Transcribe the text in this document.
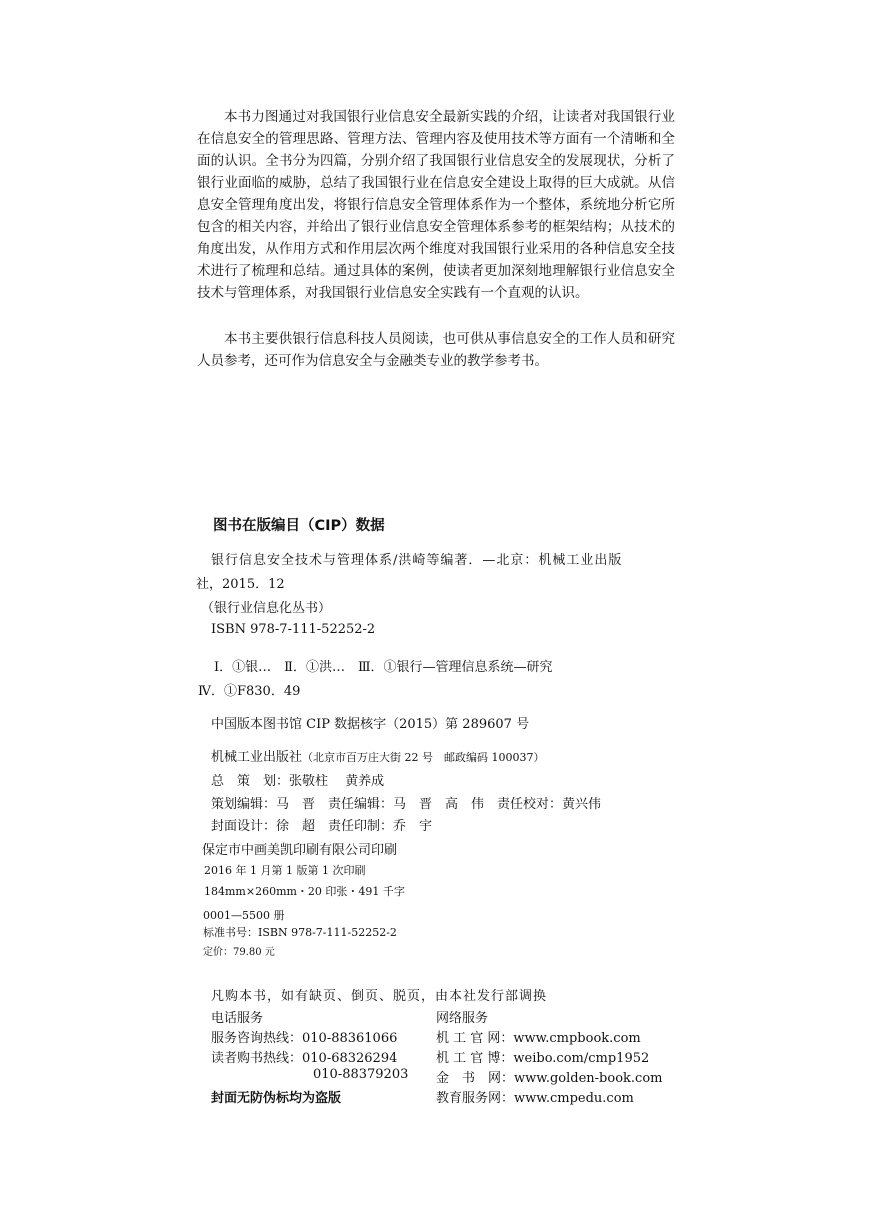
本书力图通过对我国银行业信息安全最新实践的介绍，让读者对我国银行业在信息安全的管理思路、管理方法、管理内容及使用技术等方面有一个清晰和全面的认识。全书分为四篇，分别介绍了我国银行业信息安全的发展现状，分析了银行业面临的威胁，总结了我国银行业在信息安全建设上取得的巨大成就。从信息安全管理角度出发，将银行信息安全管理体系作为一个整体，系统地分析它所包含的相关内容，并给出了银行业信息安全管理体系参考的框架结构；从技术的角度出发，从作用方式和作用层次两个维度对我国银行业采用的各种信息安全技术进行了梳理和总结。通过具体的案例，使读者更加深刻地理解银行业信息安全技术与管理体系，对我国银行业信息安全实践有一个直观的认识。

本书主要供银行信息科技人员阅读，也可供从事信息安全的工作人员和研究人员参考，还可作为信息安全与金融类专业的教学参考书。

图书在版编目（CIP）数据
银行信息安全技术与管理体系/洪崎等编著．—北京：机械工业出版
社，2015．12
（银行业信息化丛书）
ISBN 978-7-111-52252-2
Ⅰ．①银…　Ⅱ．①洪…　Ⅲ．①银行—管理信息系统—研究
Ⅳ．①F830．49
中国版本图书馆 CIP 数据核字（2015）第 289607 号
机械工业出版社（北京市百万庄大街 22 号　邮政编码 100037）
总　策　划：张敬柱　 黄养成
策划编辑：马　晋　责任编辑：马　晋　高　伟　责任校对：黄兴伟
封面设计：徐　超　责任印制：乔　宇
保定市中画美凯印刷有限公司印刷
2016 年 1 月第 1 版第 1 次印刷
184mm×260mm・20 印张・491 千字
0001—5500 册
标准书号：ISBN 978-7-111-52252-2
定价：79.80 元
凡购本书，如有缺页、倒页、脱页，由本社发行部调换
电话服务	网络服务
服务咨询热线：010-88361066
读者购书热线：010-68326294
010-88379203
封面无防伪标均为盗版
机 工 官 网：www.cmpbook.com
机 工 官 博：weibo.com/cmp1952
金　书　网：www.golden-book.com
教育服务网：www.cmpedu.com
